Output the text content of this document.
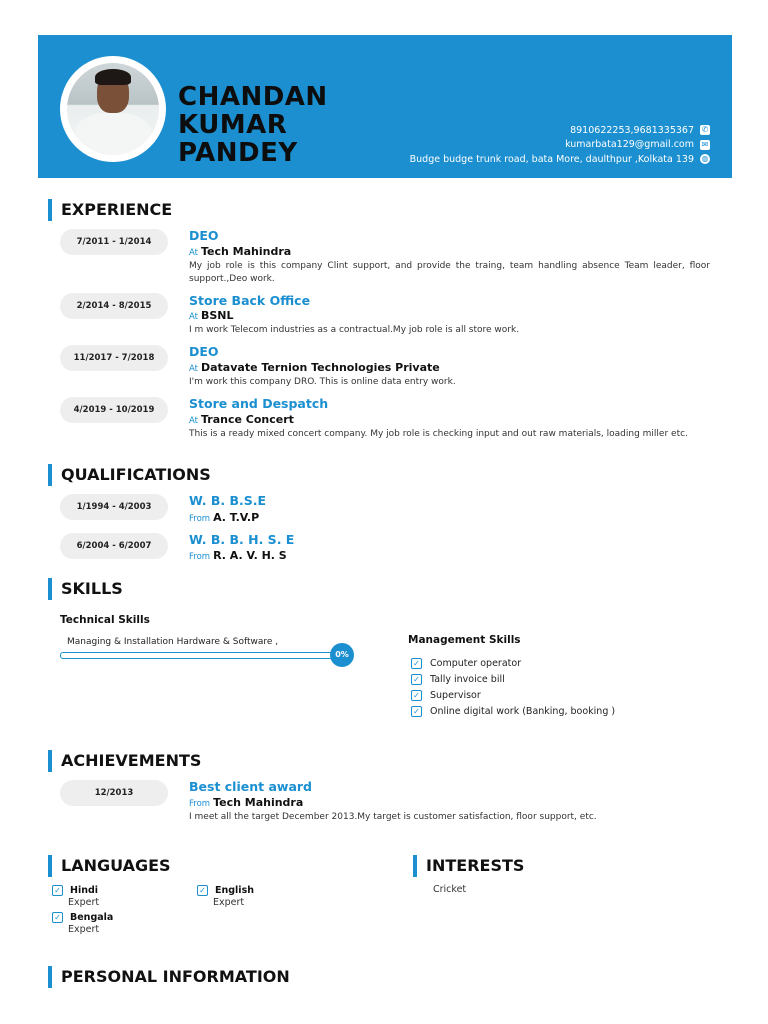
CHANDAN
KUMAR
PANDEY
8910622253,9681335367 ✆
kumarbata129@gmail.com ✉
Budge budge trunk road, bata More, daulthpur ,Kolkata 139 ◍
EXPERIENCE
7/2011 - 1/2014	DEO
At Tech Mahindra
My job role is this company Clint support, and provide the traing, team handling absence Team leader, floor support.,Deo work.
2/2014 - 8/2015	Store Back Office
At BSNL
I m work Telecom industries as a contractual.My job role is all store work.
11/2017 - 7/2018	DEO
At Datavate Ternion Technologies Private
I'm work this company DRO. This is online data entry work.
4/2019 - 10/2019	Store and Despatch
At Trance Concert
This is a ready mixed concert company. My job role is checking input and out raw materials, loading miller etc.
QUALIFICATIONS
1/1994 - 4/2003	W. B. B.S.E
From A. T.V.P
6/2004 - 6/2007	W. B. B. H. S. E
From R. A. V. H. S
SKILLS
Technical Skills
Managing & Installation Hardware & Software ,
0%
Management Skills
✓ Computer operator
✓ Tally invoice bill
✓ Supervisor
✓ Online digital work (Banking, booking )
ACHIEVEMENTS
12/2013	Best client award
From Tech Mahindra
I meet all the target December 2013.My target is customer satisfaction, floor support, etc.
LANGUAGES
✓ Hindi
Expert
✓ English
Expert
✓ Bengala
Expert
INTERESTS
Cricket
PERSONAL INFORMATION
